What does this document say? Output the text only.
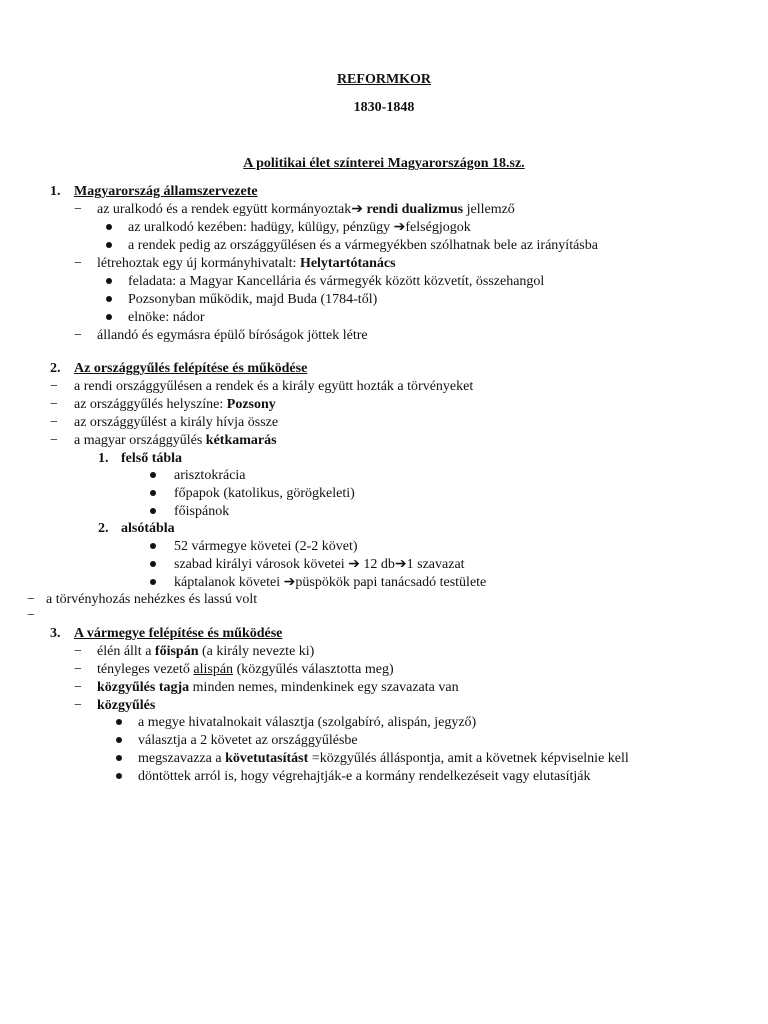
REFORMKOR
1830-1848
A politikai élet színterei Magyarországon 18.sz.
1. Magyarország államszervezete
−
az uralkodó és a rendek együtt kormányoztak➔ rendi dualizmus jellemző
az uralkodó kezében: hadügy, külügy, pénzügy ➔felségjogok
a rendek pedig az országgyűlésen és a vármegyékben szólhatnak bele az irányításba
−
létrehoztak egy új kormányhivatalt: Helytartótanács
feladata: a Magyar Kancellária és vármegyék között közvetít, összehangol
Pozsonyban működik, majd Buda (1784-től)
elnöke: nádor
−
állandó és egymásra épülő bíróságok jöttek létre
2. Az országgyűlés felépítése és működése
−
a rendi országgyűlésen a rendek és a király együtt hozták a törvényeket
−
az országgyűlés helyszíne: Pozsony
−
az országgyűlést a király hívja össze
−
a magyar országgyűlés kétkamarás
1. felső tábla
arisztokrácia
főpapok (katolikus, görögkeleti)
főispánok
2. alsótábla
52 vármegye követei (2-2 követ)
szabad királyi városok követei ➔ 12 db➔1 szavazat
káptalanok követei ➔püspökök papi tanácsadó testülete
−
a törvényhozás nehézkes és lassú volt
−
3. A vármegye felépítése és működése
−
élén állt a főispán (a király nevezte ki)
−
tényleges vezető alispán (közgyűlés választotta meg)
−
közgyűlés tagja minden nemes, mindenkinek egy szavazata van
−
közgyűlés
a megye hivatalnokait választja (szolgabíró, alispán, jegyző)
választja a 2 követet az országgyűlésbe
megszavazza a követutasítást =közgyűlés álláspontja, amit a követnek képviselnie kell
döntöttek arról is, hogy végrehajtják-e a kormány rendelkezéseit vagy elutasítják
